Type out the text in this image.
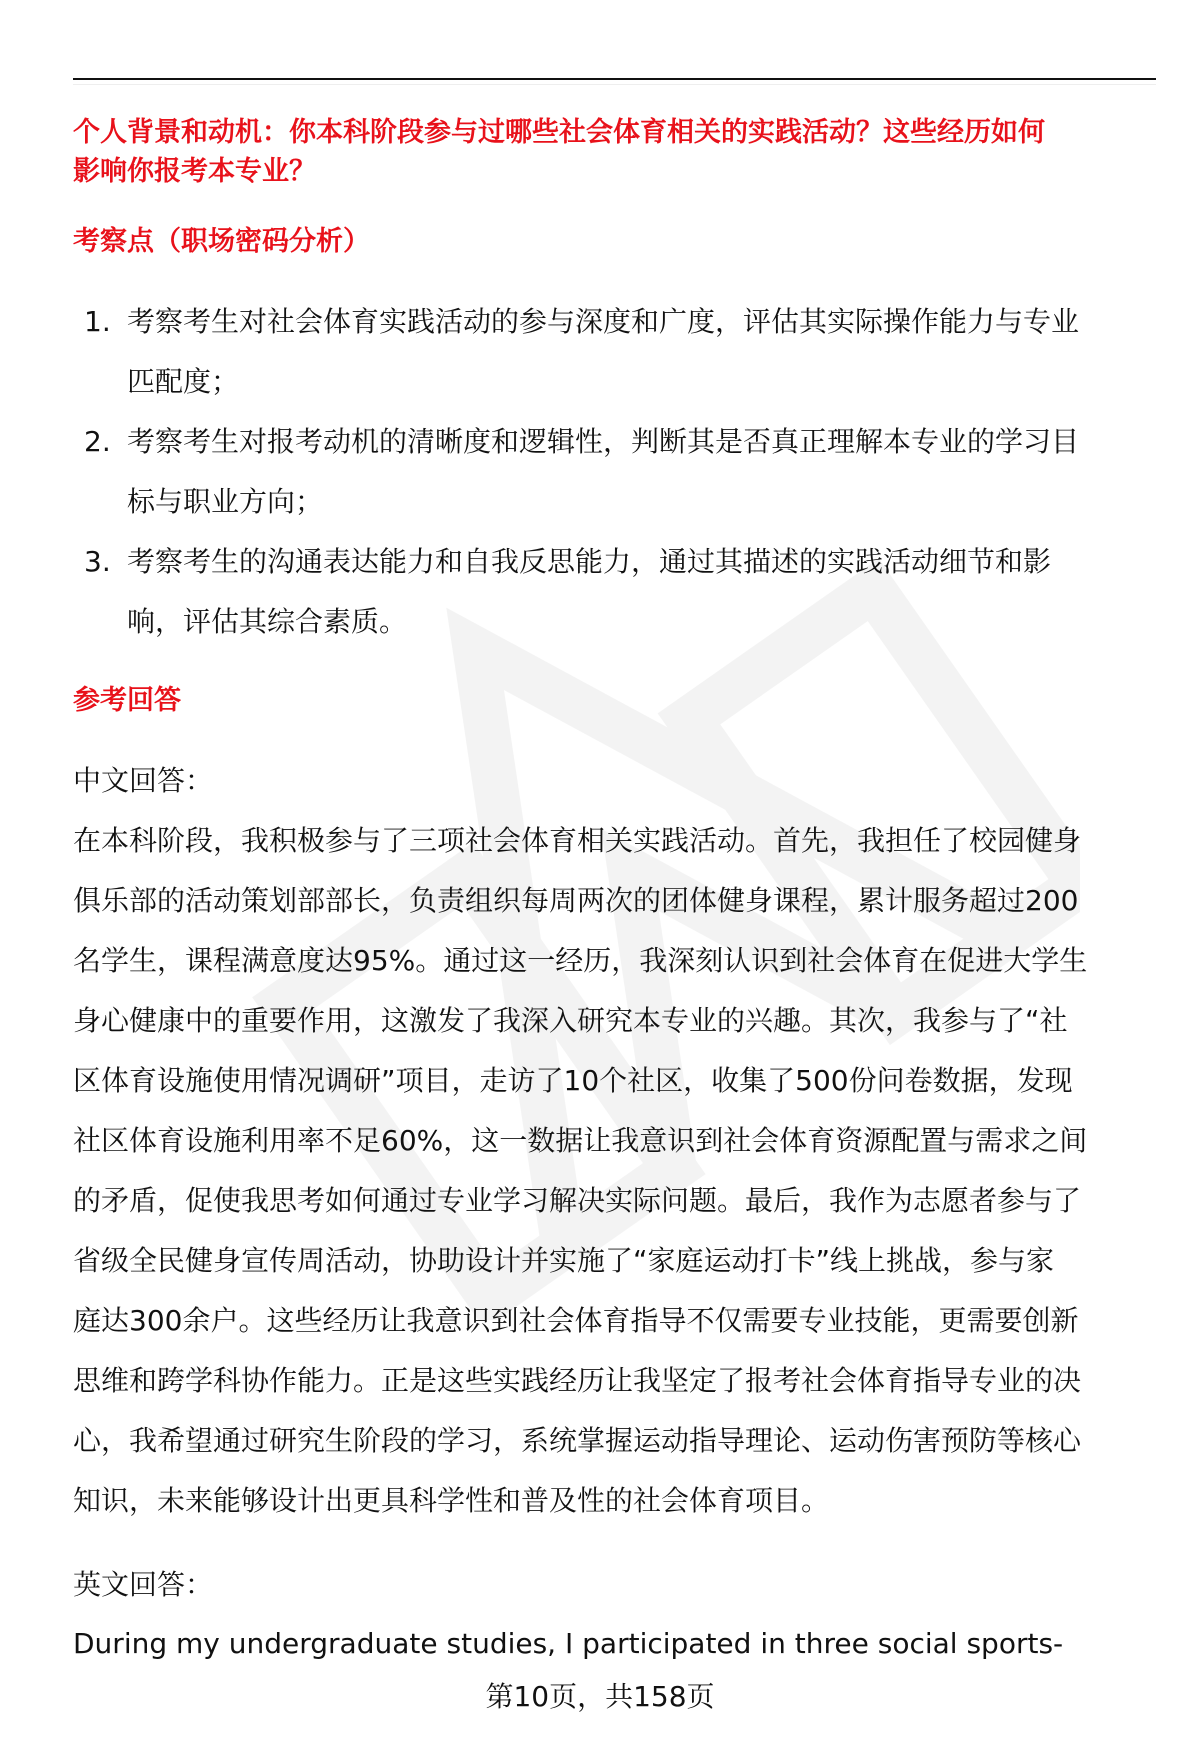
个人背景和动机：你本科阶段参与过哪些社会体育相关的实践活动？这些经历如何
影响你报考本专业？
考察点（职场密码分析）
1. 考察考生对社会体育实践活动的参与深度和广度，评估其实际操作能力与专业
匹配度；
2. 考察考生对报考动机的清晰度和逻辑性，判断其是否真正理解本专业的学习目
标与职业方向；
3. 考察考生的沟通表达能力和自我反思能力，通过其描述的实践活动细节和影
响，评估其综合素质。
参考回答
中文回答：
在本科阶段，我积极参与了三项社会体育相关实践活动。首先，我担任了校园健身
俱乐部的活动策划部部长，负责组织每周两次的团体健身课程，累计服务超过200
名学生，课程满意度达95%。通过这一经历，我深刻认识到社会体育在促进大学生
身心健康中的重要作用，这激发了我深入研究本专业的兴趣。其次，我参与了“社
区体育设施使用情况调研”项目，走访了10个社区，收集了500份问卷数据，发现
社区体育设施利用率不足60%，这一数据让我意识到社会体育资源配置与需求之间
的矛盾，促使我思考如何通过专业学习解决实际问题。最后，我作为志愿者参与了
省级全民健身宣传周活动，协助设计并实施了“家庭运动打卡”线上挑战，参与家
庭达300余户。这些经历让我意识到社会体育指导不仅需要专业技能，更需要创新
思维和跨学科协作能力。正是这些实践经历让我坚定了报考社会体育指导专业的决
心，我希望通过研究生阶段的学习，系统掌握运动指导理论、运动伤害预防等核心
知识，未来能够设计出更具科学性和普及性的社会体育项目。
英文回答：
During my undergraduate studies, I participated in three social sports-
第10页，共158页
